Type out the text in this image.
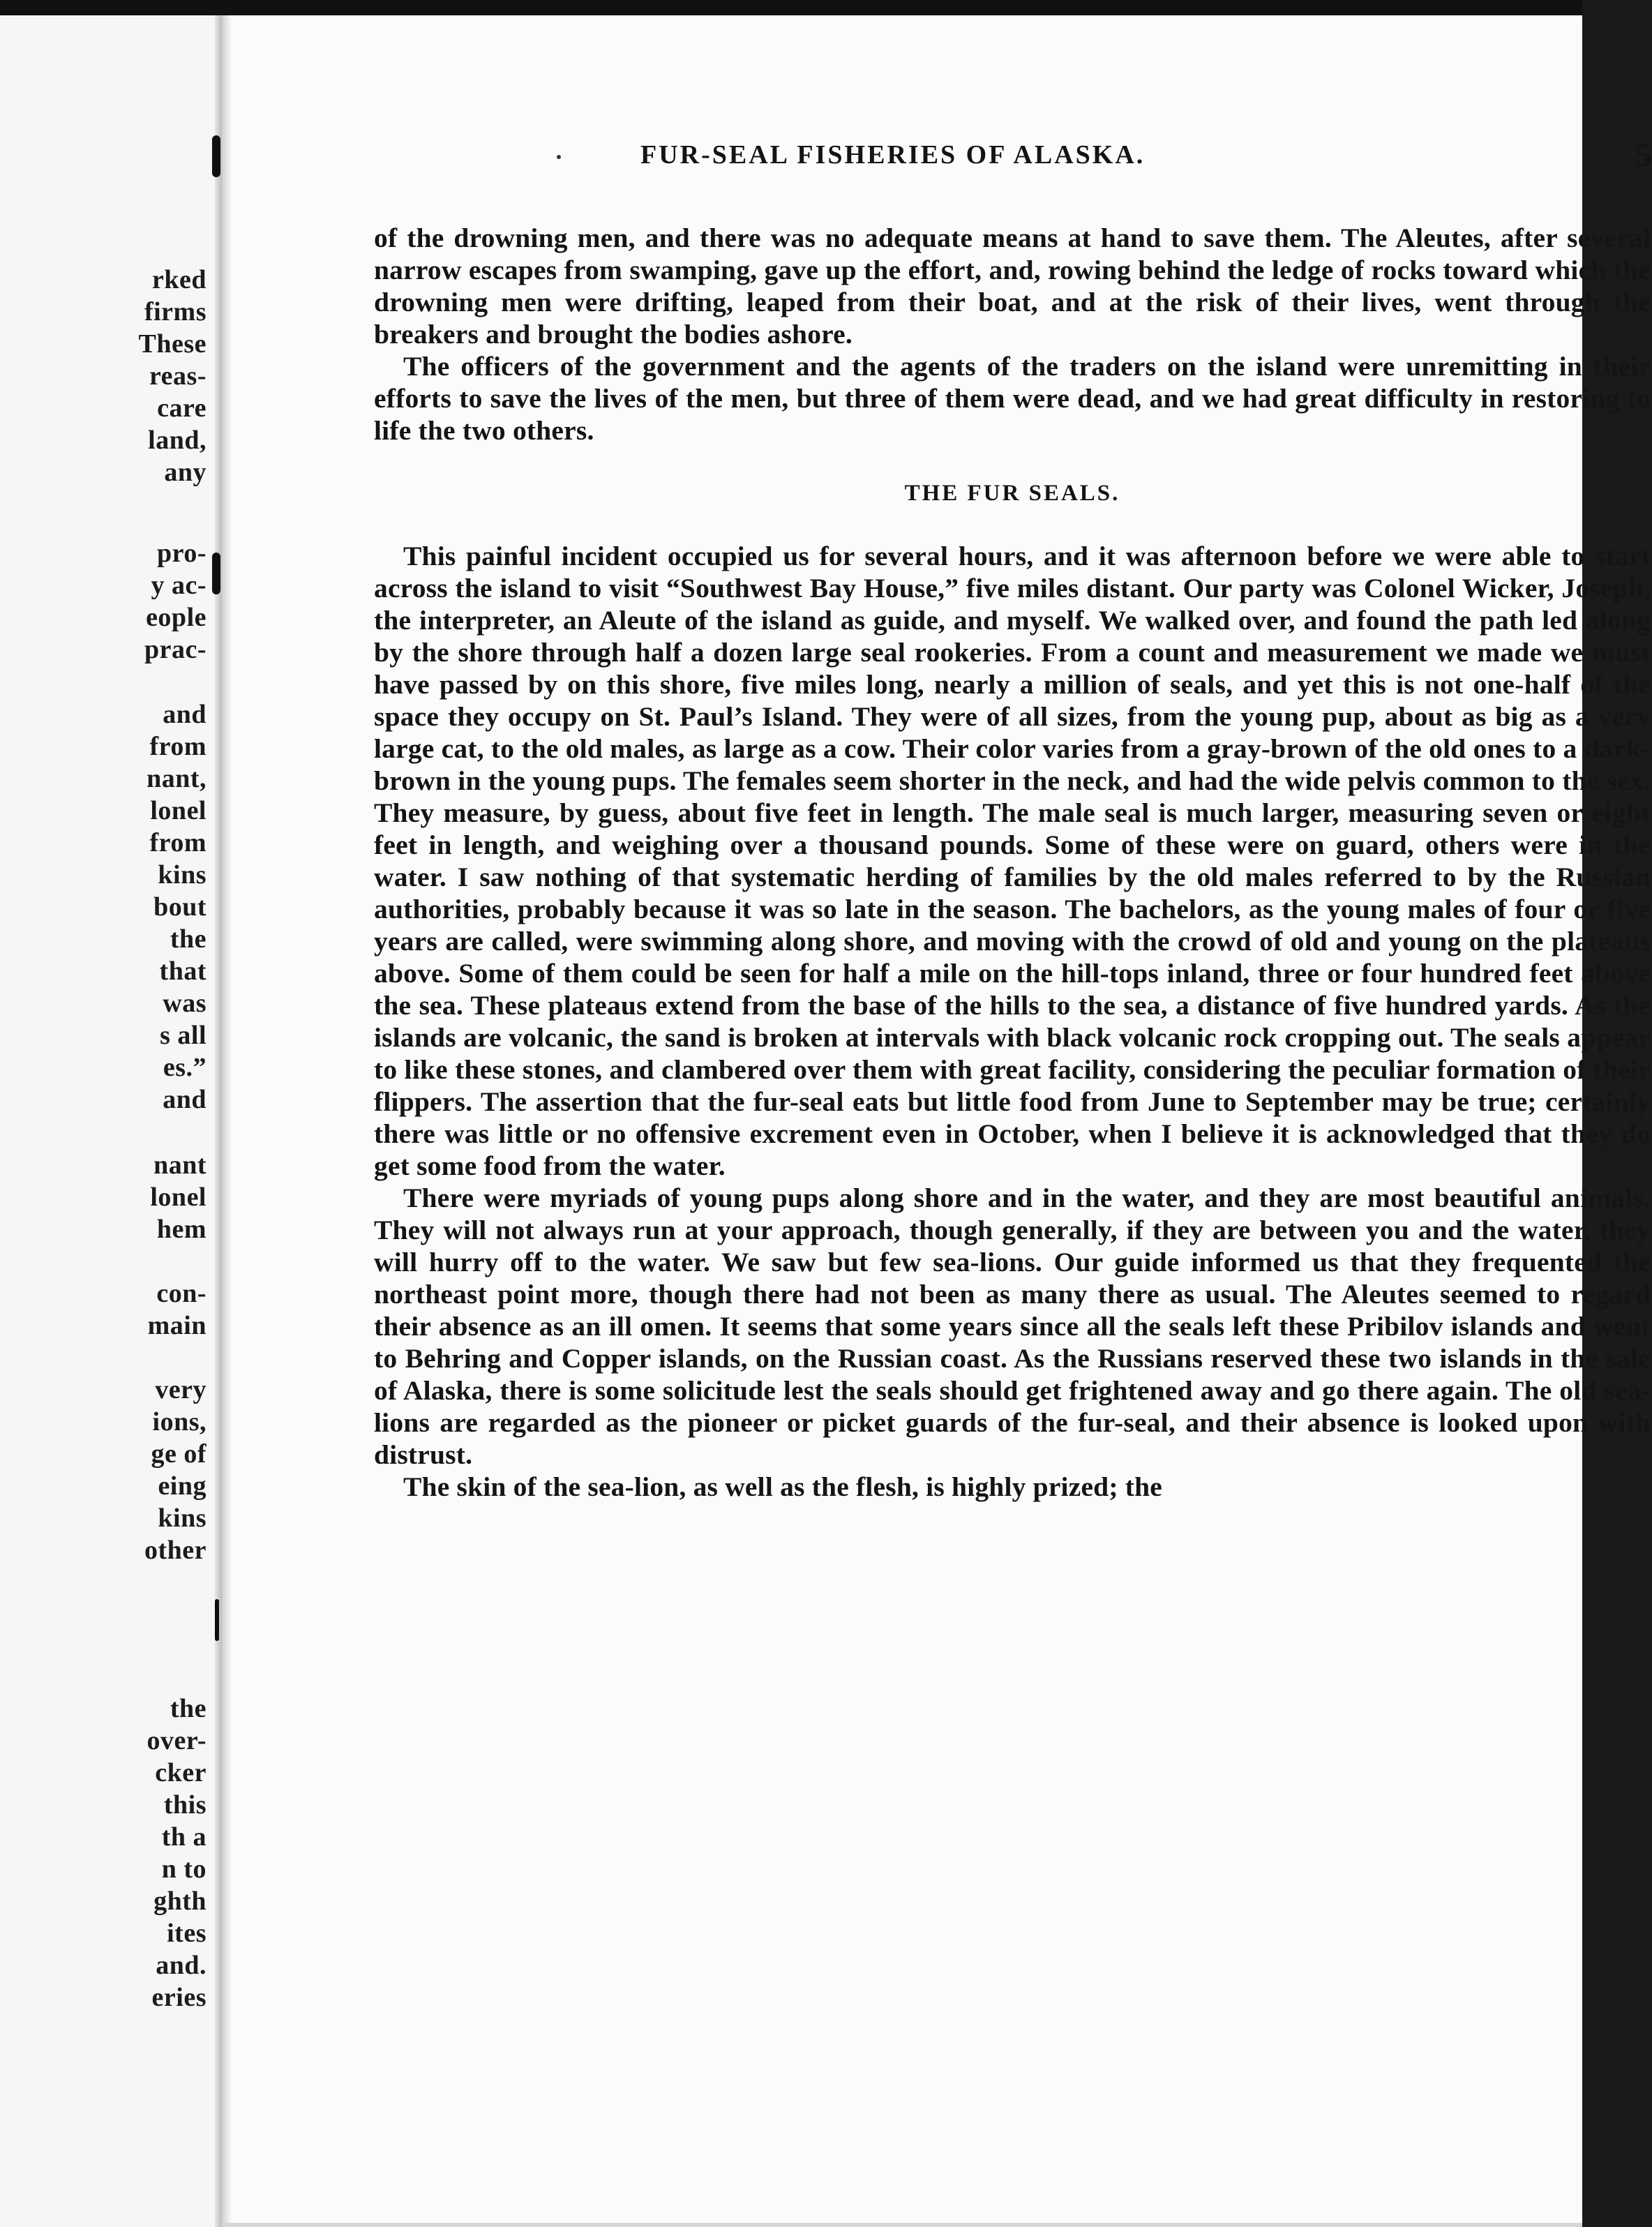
rked
firms
These
reas-
care
land,
any
pro-
y ac-
eople
prac-
and
from
nant,
lonel
from
kins
bout
the
that
was
s all
es.”
and
nant
lonel
hem
con-
main
very
ions,
ge of
eing
kins
other
the
over-
cker
this
th a
n to
ghth
ites
and.
eries
FUR-SEAL FISHERIES OF ALASKA.	5

of the drowning men, and there was no adequate means at hand to save them. The Aleutes, after several narrow escapes from swamping, gave up the effort, and, rowing behind the ledge of rocks toward which the drowning men were drifting, leaped from their boat, and at the risk of their lives, went through the breakers and brought the bodies ashore.

The officers of the government and the agents of the traders on the island were unremitting in their efforts to save the lives of the men, but three of them were dead, and we had great difficulty in restoring to life the two others.

THE FUR SEALS.

This painful incident occupied us for several hours, and it was afternoon before we were able to start across the island to visit “Southwest Bay House,” five miles distant. Our party was Colonel Wicker, Joseph, the interpreter, an Aleute of the island as guide, and myself. We walked over, and found the path led along by the shore through half a dozen large seal rookeries. From a count and measurement we made we must have passed by on this shore, five miles long, nearly a million of seals, and yet this is not one-half of the space they occupy on St. Paul’s Island. They were of all sizes, from the young pup, about as big as a very large cat, to the old males, as large as a cow. Their color varies from a gray-brown of the old ones to a dark-brown in the young pups. The females seem shorter in the neck, and had the wide pelvis common to the sex. They measure, by guess, about five feet in length. The male seal is much larger, measuring seven or eight feet in length, and weighing over a thousand pounds. Some of these were on guard, others were in the water. I saw nothing of that systematic herding of families by the old males referred to by the Russian authorities, probably because it was so late in the season. The bachelors, as the young males of four or five years are called, were swimming along shore, and moving with the crowd of old and young on the plateaus above. Some of them could be seen for half a mile on the hill-tops inland, three or four hundred feet above the sea. These plateaus extend from the base of the hills to the sea, a distance of five hundred yards. As the islands are volcanic, the sand is broken at intervals with black volcanic rock cropping out. The seals appear to like these stones, and clambered over them with great facility, considering the peculiar formation of their flippers. The assertion that the fur-seal eats but little food from June to September may be true; certainly there was little or no offensive excrement even in October, when I believe it is acknowledged that they do get some food from the water.

There were myriads of young pups along shore and in the water, and they are most beautiful animals. They will not always run at your approach, though generally, if they are between you and the water, they will hurry off to the water. We saw but few sea-lions. Our guide informed us that they frequented the northeast point more, though there had not been as many there as usual. The Aleutes seemed to regard their absence as an ill omen. It seems that some years since all the seals left these Pribilov islands and went to Behring and Copper islands, on the Russian coast. As the Russians reserved these two islands in the sale of Alaska, there is some solicitude lest the seals should get frightened away and go there again. The old sea-lions are regarded as the pioneer or picket guards of the fur-seal, and their absence is looked upon with distrust.

The skin of the sea-lion, as well as the flesh, is highly prized; the
